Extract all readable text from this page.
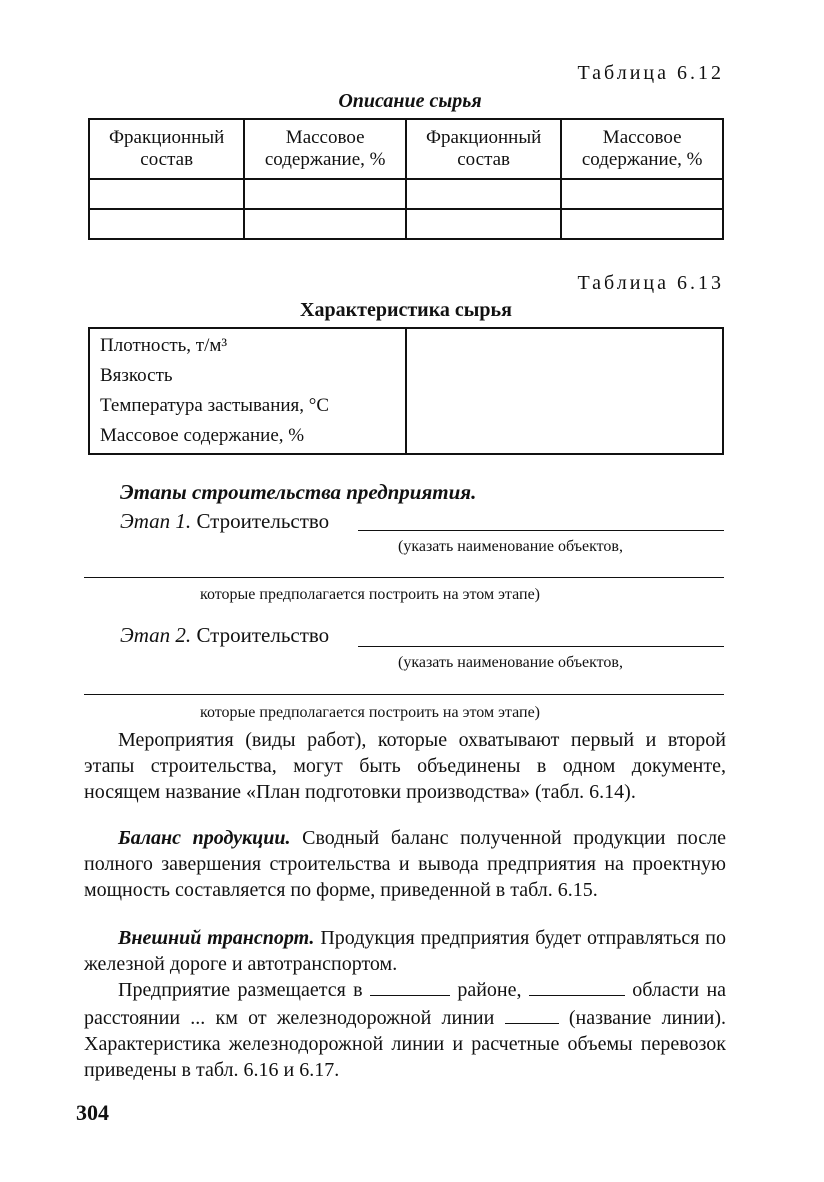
Таблица 6.12
Описание сырья
Фракционный состав	Массовое содержание, %	Фракционный состав	Массовое содержание, %

Таблица 6.13
Характеристика сырья
Плотность, т/м³
Вязкость
Температура застывания, °С
Массовое содержание, %

Этапы строительства предприятия.
Этап 1. Строительство
(указать наименование объектов,
которые предполагается построить на этом этапе)
Этап 2. Строительство
(указать наименование объектов,
которые предполагается построить на этом этапе)
Мероприятия (виды работ), которые охватывают первый и второй этапы строительства, могут быть объединены в одном документе, носящем название «План подготовки производства» (табл. 6.14).
Баланс продукции. Сводный баланс полученной продукции после полного завершения строительства и вывода предприятия на проектную мощность составляется по форме, приведенной в табл. 6.15.
Внешний транспорт. Продукция предприятия будет отправляться по железной дороге и автотранспортом.
Предприятие размещается в	районе,	области на расстоянии ... км от железнодорожной линии	(название линии). Характеристика железнодорожной линии и расчетные объемы перевозок приведены в табл. 6.16 и 6.17.
304
